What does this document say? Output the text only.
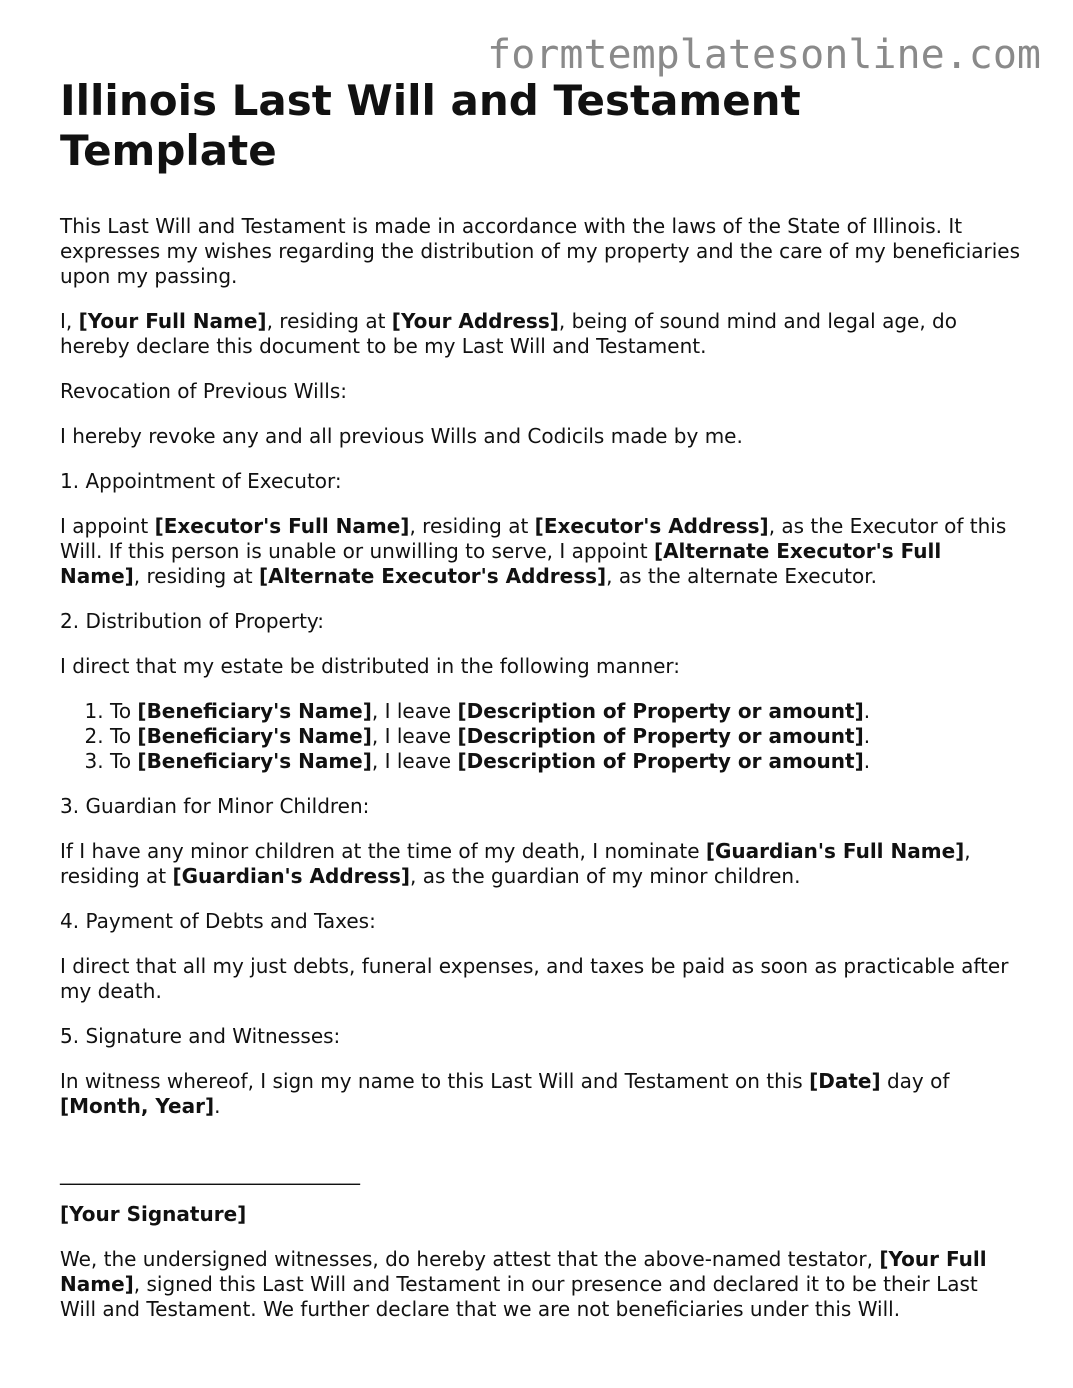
formtemplatesonline.com
Illinois Last Will and Testament Template

This Last Will and Testament is made in accordance with the laws of the State of Illinois. It expresses my wishes regarding the distribution of my property and the care of my beneficiaries upon my passing.

I, [Your Full Name], residing at [Your Address], being of sound mind and legal age, do hereby declare this document to be my Last Will and Testament.

Revocation of Previous Wills:

I hereby revoke any and all previous Wills and Codicils made by me.

1. Appointment of Executor:

I appoint [Executor's Full Name], residing at [Executor's Address], as the Executor of this Will. If this person is unable or unwilling to serve, I appoint [Alternate Executor's Full Name], residing at [Alternate Executor's Address], as the alternate Executor.

2. Distribution of Property:

I direct that my estate be distributed in the following manner:

1. To [Beneficiary's Name], I leave [Description of Property or amount].
2. To [Beneficiary's Name], I leave [Description of Property or amount].
3. To [Beneficiary's Name], I leave [Description of Property or amount].

3. Guardian for Minor Children:

If I have any minor children at the time of my death, I nominate [Guardian's Full Name], residing at [Guardian's Address], as the guardian of my minor children.

4. Payment of Debts and Taxes:

I direct that all my just debts, funeral expenses, and taxes be paid as soon as practicable after my death.

5. Signature and Witnesses:

In witness whereof, I sign my name to this Last Will and Testament on this [Date] day of [Month, Year].

______________________________

[Your Signature]

We, the undersigned witnesses, do hereby attest that the above-named testator, [Your Full Name], signed this Last Will and Testament in our presence and declared it to be their Last Will and Testament. We further declare that we are not beneficiaries under this Will.
